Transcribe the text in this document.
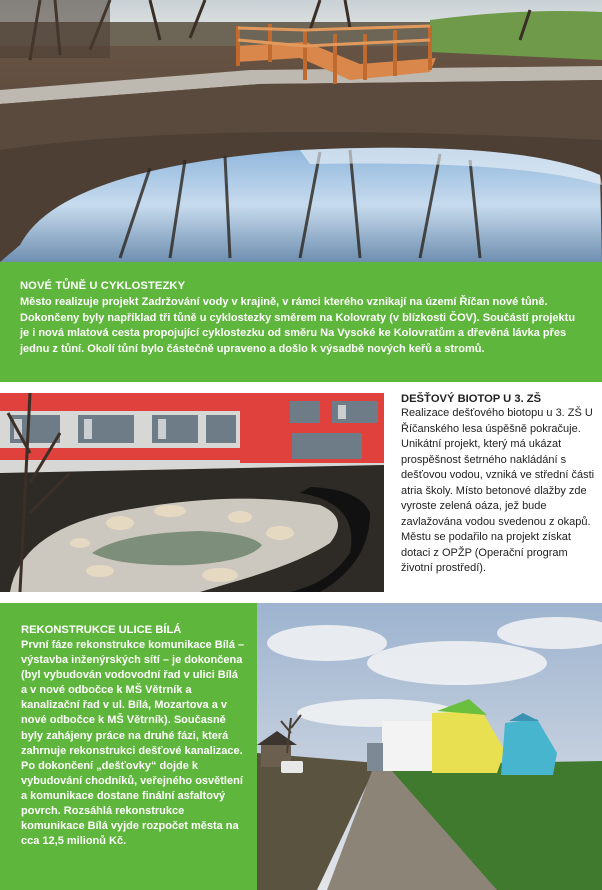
NOVÉ TŮNĚ U CYKLOSTEZKY

Město realizuje projekt Zadržování vody v krajině, v rámci kterého vznikají na území Říčan nové tůně. Dokončeny byly například tři tůně u cyklostezky směrem na Kolovraty (v blízkosti ČOV). Součástí projektu je i nová mlatová cesta propojující cyklostezku od směru Na Vysoké ke Kolovratům a dřevěná lávka přes jednu z tůní. Okolí tůní bylo částečně upraveno a došlo k výsadbě nových keřů a stromů.

DEŠŤOVÝ BIOTOP U 3. ZŠ

Realizace dešťového biotopu u 3. ZŠ U Říčanského lesa úspěšně pokračuje. Unikátní projekt, který má ukázat prospěšnost šetrného nakládání s dešťovou vodou, vzniká ve střední části atria školy. Místo betonové dlažby zde vyroste zelená oáza, jež bude zavlažována vodou svedenou z okapů. Městu se podařilo na projekt získat dotaci z OPŽP (Operační program životní prostředí).

REKONSTRUKCE ULICE BÍLÁ

První fáze rekonstrukce komunikace Bílá – výstavba inženýrských sítí – je dokončena (byl vybudován vodovodní řad v ulici Bílá a v nové odbočce k MŠ Větrník a kanalizační řad v ul. Bílá, Mozartova a v nové odbočce k MŠ Větrník). Současně byly zahájeny práce na druhé fázi, která zahrnuje rekonstrukci dešťové kanalizace. Po dokončení „dešťovky“ dojde k vybudování chodníků, veřejného osvětlení a komunikace dostane finální asfaltový povrch. Rozsáhlá rekonstrukce komunikace Bílá vyjde rozpočet města na cca 12,5 milionů Kč.
